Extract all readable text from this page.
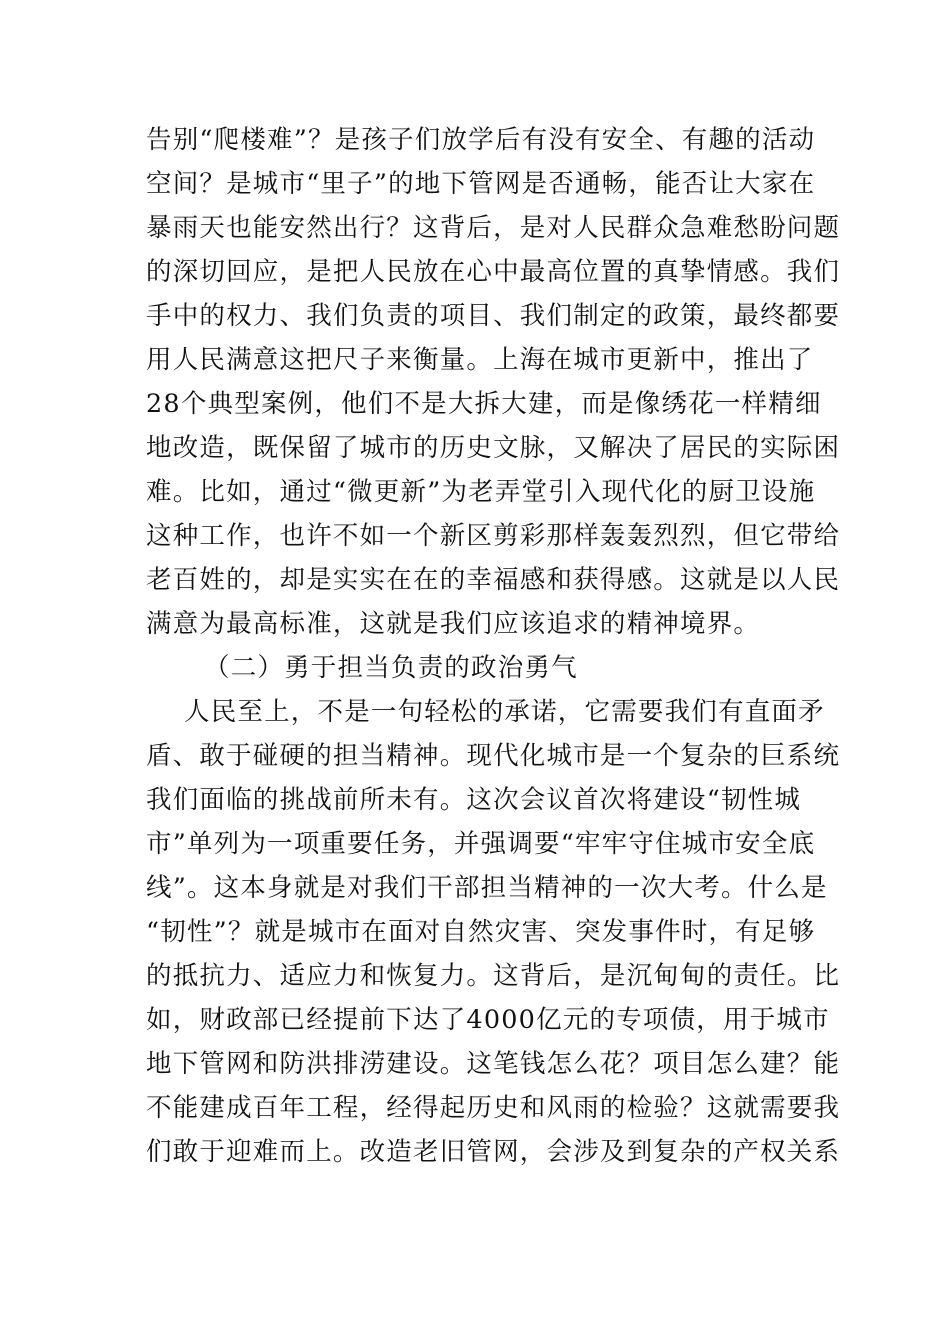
告别“爬楼难”？是孩子们放学后有没有安全、有趣的活动
空间？是城市“里子”的地下管网是否通畅，能否让大家在
暴雨天也能安然出行？这背后，是对人民群众急难愁盼问题
的深切回应，是把人民放在心中最高位置的真挚情感。我们
手中的权力、我们负责的项目、我们制定的政策，最终都要
用人民满意这把尺子来衡量。上海在城市更新中，推出了
28个典型案例，他们不是大拆大建，而是像绣花一样精细
地改造，既保留了城市的历史文脉，又解决了居民的实际困
难。比如，通过“微更新”为老弄堂引入现代化的厨卫设施
这种工作，也许不如一个新区剪彩那样轰轰烈烈，但它带给
老百姓的，却是实实在在的幸福感和获得感。这就是以人民
满意为最高标准，这就是我们应该追求的精神境界。
（二）勇于担当负责的政治勇气
人民至上，不是一句轻松的承诺，它需要我们有直面矛
盾、敢于碰硬的担当精神。现代化城市是一个复杂的巨系统
我们面临的挑战前所未有。这次会议首次将建设“韧性城
市”单列为一项重要任务，并强调要“牢牢守住城市安全底
线”。这本身就是对我们干部担当精神的一次大考。什么是
“韧性”？就是城市在面对自然灾害、突发事件时，有足够
的抵抗力、适应力和恢复力。这背后，是沉甸甸的责任。比
如，财政部已经提前下达了4000亿元的专项债，用于城市
地下管网和防洪排涝建设。这笔钱怎么花？项目怎么建？能
不能建成百年工程，经得起历史和风雨的检验？这就需要我
们敢于迎难而上。改造老旧管网，会涉及到复杂的产权关系
